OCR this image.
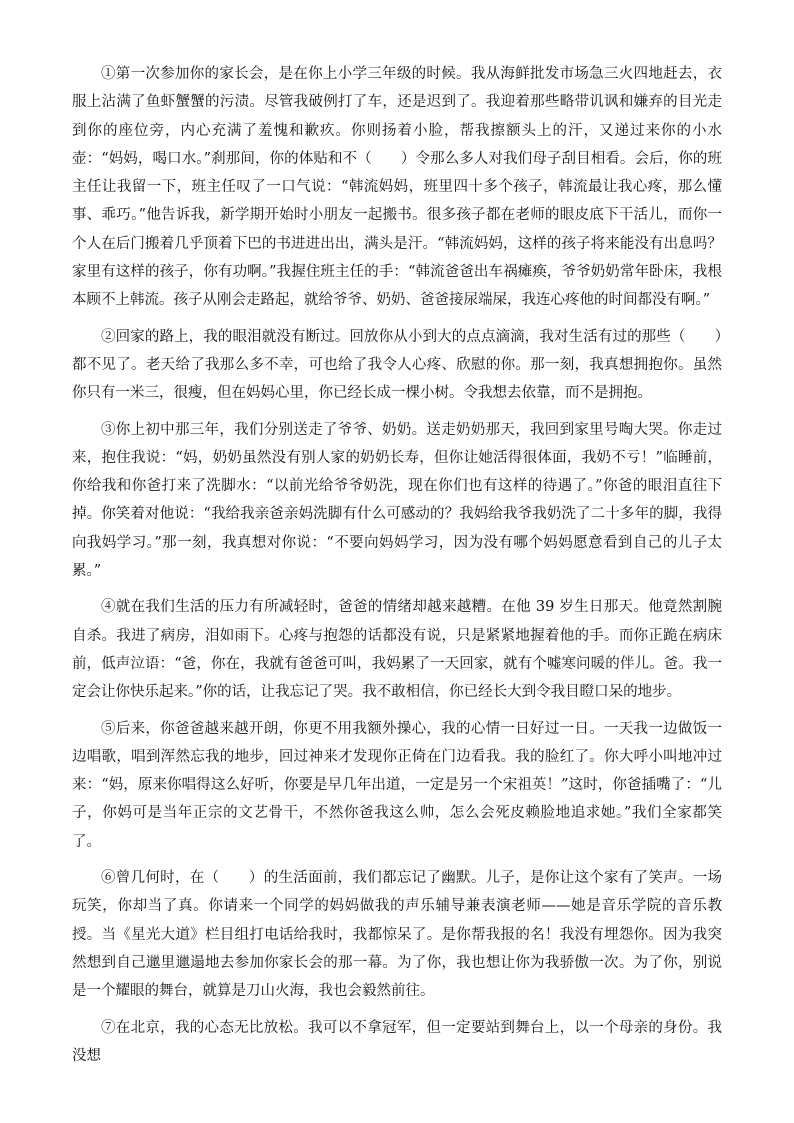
①第一次参加你的家长会，是在你上小学三年级的时候。我从海鲜批发市场急三火四地赶去，衣服上沾满了鱼虾蟹蟹的污渍。尽管我破例打了车，还是迟到了。我迎着那些略带讥讽和嫌弃的目光走到你的座位旁，内心充满了羞愧和歉疚。你则扬着小脸，帮我擦额头上的汗，又递过来你的小水壶：“妈妈，喝口水。”刹那间，你的体贴和不（　　）令那么多人对我们母子刮目相看。会后，你的班主任让我留一下，班主任叹了一口气说：“韩流妈妈，班里四十多个孩子，韩流最让我心疼，那么懂事、乖巧。”他告诉我，新学期开始时小朋友一起搬书。很多孩子都在老师的眼皮底下干活儿，而你一个人在后门搬着几乎顶着下巴的书进进出出，满头是汗。“韩流妈妈，这样的孩子将来能没有出息吗？家里有这样的孩子，你有功啊。”我握住班主任的手：“韩流爸爸出车祸瘫痪，爷爷奶奶常年卧床，我根本顾不上韩流。孩子从刚会走路起，就给爷爷、奶奶、爸爸接尿端屎，我连心疼他的时间都没有啊。”

②回家的路上，我的眼泪就没有断过。回放你从小到大的点点滴滴，我对生活有过的那些（　　）都不见了。老天给了我那么多不幸，可也给了我令人心疼、欣慰的你。那一刻，我真想拥抱你。虽然你只有一米三，很瘦，但在妈妈心里，你已经长成一棵小树。令我想去依靠，而不是拥抱。

③你上初中那三年，我们分别送走了爷爷、奶奶。送走奶奶那天，我回到家里号啕大哭。你走过来，抱住我说：“妈，奶奶虽然没有别人家的奶奶长寿，但你让她活得很体面，我奶不亏！”临睡前，你给我和你爸打来了洗脚水：“以前光给爷爷奶洗，现在你们也有这样的待遇了。”你爸的眼泪直往下掉。你笑着对他说：“我给我亲爸亲妈洗脚有什么可感动的？我妈给我爷我奶洗了二十多年的脚，我得向我妈学习。”那一刻，我真想对你说：“不要向妈妈学习，因为没有哪个妈妈愿意看到自己的儿子太累。”

④就在我们生活的压力有所减轻时，爸爸的情绪却越来越糟。在他 39 岁生日那天。他竟然割腕自杀。我进了病房，泪如雨下。心疼与抱怨的话都没有说，只是紧紧地握着他的手。而你正跪在病床前，低声泣语：“爸，你在，我就有爸爸可叫，我妈累了一天回家，就有个嘘寒问暖的伴儿。爸。我一定会让你快乐起来。”你的话，让我忘记了哭。我不敢相信，你已经长大到令我目瞪口呆的地步。

⑤后来，你爸爸越来越开朗，你更不用我额外操心，我的心情一日好过一日。一天我一边做饭一边唱歌，唱到浑然忘我的地步，回过神来才发现你正倚在门边看我。我的脸红了。你大呼小叫地冲过来：“妈，原来你唱得这么好听，你要是早几年出道，一定是另一个宋祖英！”这时，你爸插嘴了：“儿子，你妈可是当年正宗的文艺骨干，不然你爸我这么帅，怎么会死皮赖脸地追求她。”我们全家都笑了。

⑥曾几何时，在（　　）的生活面前，我们都忘记了幽默。儿子，是你让这个家有了笑声。一场玩笑，你却当了真。你请来一个同学的妈妈做我的声乐辅导兼表演老师——她是音乐学院的音乐教授。当《星光大道》栏目组打电话给我时，我都惊呆了。是你帮我报的名！我没有埋怨你。因为我突然想到自己邋里邋遢地去参加你家长会的那一幕。为了你，我也想让你为我骄傲一次。为了你，别说是一个耀眼的舞台，就算是刀山火海，我也会毅然前往。

⑦在北京，我的心态无比放松。我可以不拿冠军，但一定要站到舞台上，以一个母亲的身份。我没想
